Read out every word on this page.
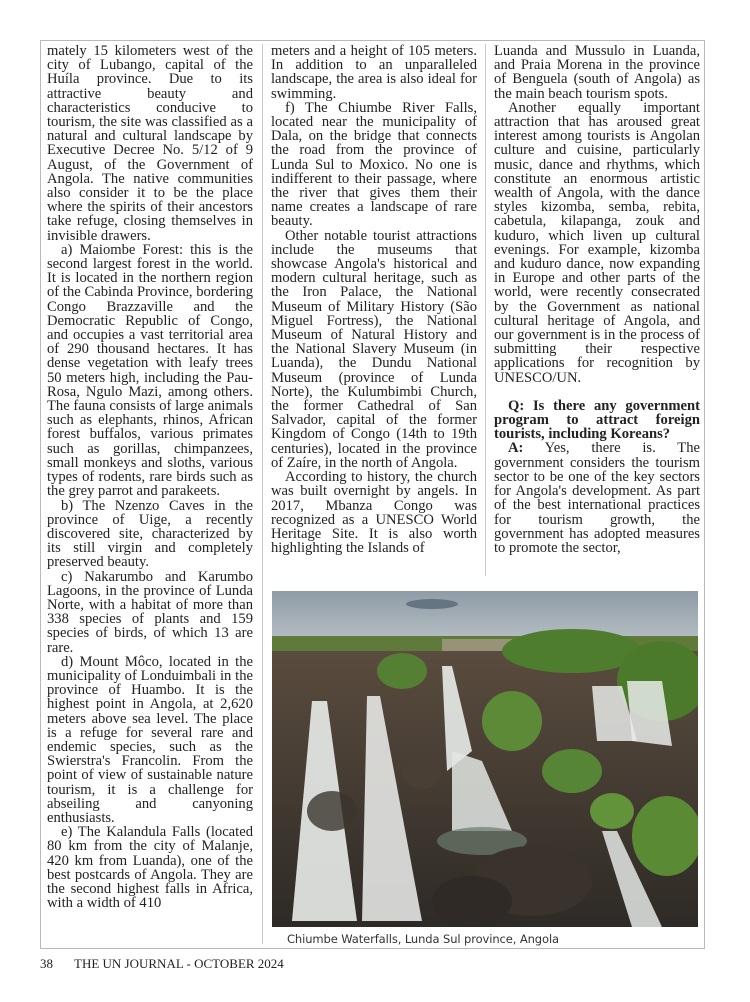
mately 15 kilometers west of the city of Lubango, capital of the Huíla province. Due to its attractive beauty and characteristics conducive to tourism, the site was classified as a natural and cultural landscape by Executive Decree No. 5/12 of 9 August, of the Government of Angola. The native communities also consider it to be the place where the spirits of their ancestors take refuge, closing themselves in invisible drawers.

a) Maiombe Forest: this is the second largest forest in the world. It is located in the northern region of the Cabinda Province, bordering Congo Brazzaville and the Democratic Republic of Congo, and occupies a vast territorial area of 290 thousand hectares. It has dense vegetation with leafy trees 50 meters high, including the Pau-Rosa, Ngulo Mazi, among others. The fauna consists of large animals such as elephants, rhinos, African forest buffalos, various primates such as gorillas, chimpanzees, small monkeys and sloths, various types of rodents, rare birds such as the grey parrot and parakeets.

b) The Nzenzo Caves in the province of Uige, a recently discovered site, characterized by its still virgin and completely preserved beauty.

c) Nakarumbo and Karumbo Lagoons, in the province of Lunda Norte, with a habitat of more than 338 species of plants and 159 species of birds, of which 13 are rare.

d) Mount Môco, located in the municipality of Londuimbali in the province of Huambo. It is the highest point in Angola, at 2,620 meters above sea level. The place is a refuge for several rare and endemic species, such as the Swierstra's Francolin. From the point of view of sustainable nature tourism, it is a challenge for abseiling and canyoning enthusiasts.

e) The Kalandula Falls (located 80 km from the city of Malanje, 420 km from Luanda), one of the best postcards of Angola. They are the second highest falls in Africa, with a width of 410

meters and a height of 105 meters. In addition to an unparalleled landscape, the area is also ideal for swimming.

f) The Chiumbe River Falls, located near the municipality of Dala, on the bridge that connects the road from the province of Lunda Sul to Moxico. No one is indifferent to their passage, where the river that gives them their name creates a landscape of rare beauty.

Other notable tourist attractions include the museums that showcase Angola's historical and modern cultural heritage, such as the Iron Palace, the National Museum of Military History (São Miguel Fortress), the National Museum of Natural History and the National Slavery Museum (in Luanda), the Dundu National Museum (province of Lunda Norte), the Kulumbimbi Church, the former Cathedral of San Salvador, capital of the former Kingdom of Congo (14th to 19th centuries), located in the province of Zaíre, in the north of Angola.

According to history, the church was built overnight by angels. In 2017, Mbanza Congo was recognized as a UNESCO World Heritage Site. It is also worth highlighting the Islands of

Luanda and Mussulo in Luanda, and Praia Morena in the province of Benguela (south of Angola) as the main beach tourism spots.

Another equally important attraction that has aroused great interest among tourists is Angolan culture and cuisine, particularly music, dance and rhythms, which constitute an enormous artistic wealth of Angola, with the dance styles kizomba, semba, rebita, cabetula, kilapanga, zouk and kuduro, which liven up cultural evenings. For example, kizomba and kuduro dance, now expanding in Europe and other parts of the world, were recently consecrated by the Government as national cultural heritage of Angola, and our government is in the process of submitting their respective applications for recognition by UNESCO/UN.

Q: Is there any government program to attract foreign tourists, including Koreans?

A: Yes, there is. The government considers the tourism sector to be one of the key sectors for Angola's development. As part of the best international practices for tourism growth, the government has adopted measures to promote the sector,

Chiumbe Waterfalls, Lunda Sul province, Angola
38 THE UN JOURNAL - OCTOBER 2024
